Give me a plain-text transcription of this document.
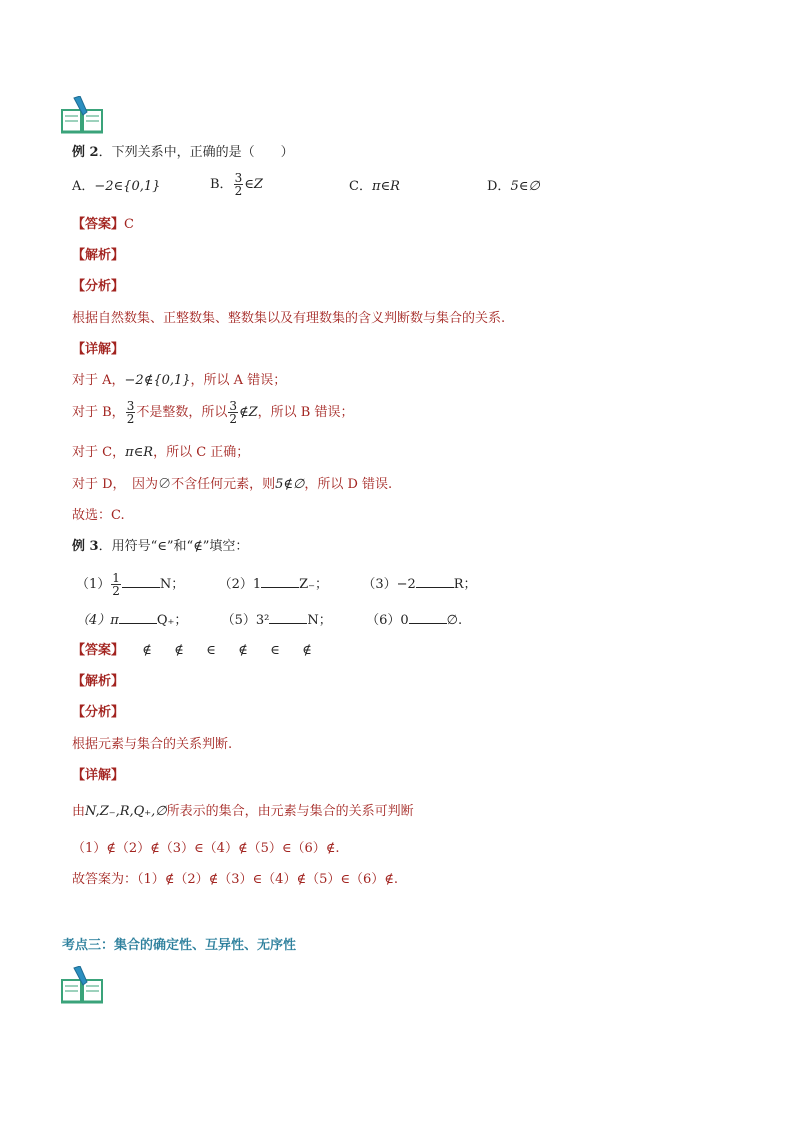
例 2．下列关系中，正确的是（　　）
A．−2∈{0,1}	B． $\frac{3}{2}$ ∈Z	C．π∈R	D．5∈∅
【答案】C
【解析】
【分析】
根据自然数集、正整数集、整数集以及有理数集的含义判断数与集合的关系.
【详解】
对于 A，−2∉{0,1}，所以 A 错误；
对于 B， $\frac{3}{2}$ 不是整数，所以 $\frac{3}{2}$ ∉Z，所以 B 错误；
对于 C，π∈R，所以 C 正确；
对于 D，　因为∅不含任何元素，则5∉∅，所以 D 错误.
故选：C.
例 3．用符号“∈”和“∉”填空：
$(1) \frac{1}{2}$	N；	（2）1	Z₋；	（3）−2	R；
（4）π	Q₊；	（5）3²	N；	（6）0	∅.
【答案】 ∉ ∉ ∈ ∉ ∈ ∉
【解析】
【分析】
根据元素与集合的关系判断.
【详解】
由N,Z₋,R,Q₊,∅所表示的集合，由元素与集合的关系可判断
（1）∉（2）∉（3）∈（4）∉（5）∈（6）∉.
故答案为：（1）∉（2）∉（3）∈（4）∉（5）∈（6）∉.
考点三：集合的确定性、互异性、无序性
